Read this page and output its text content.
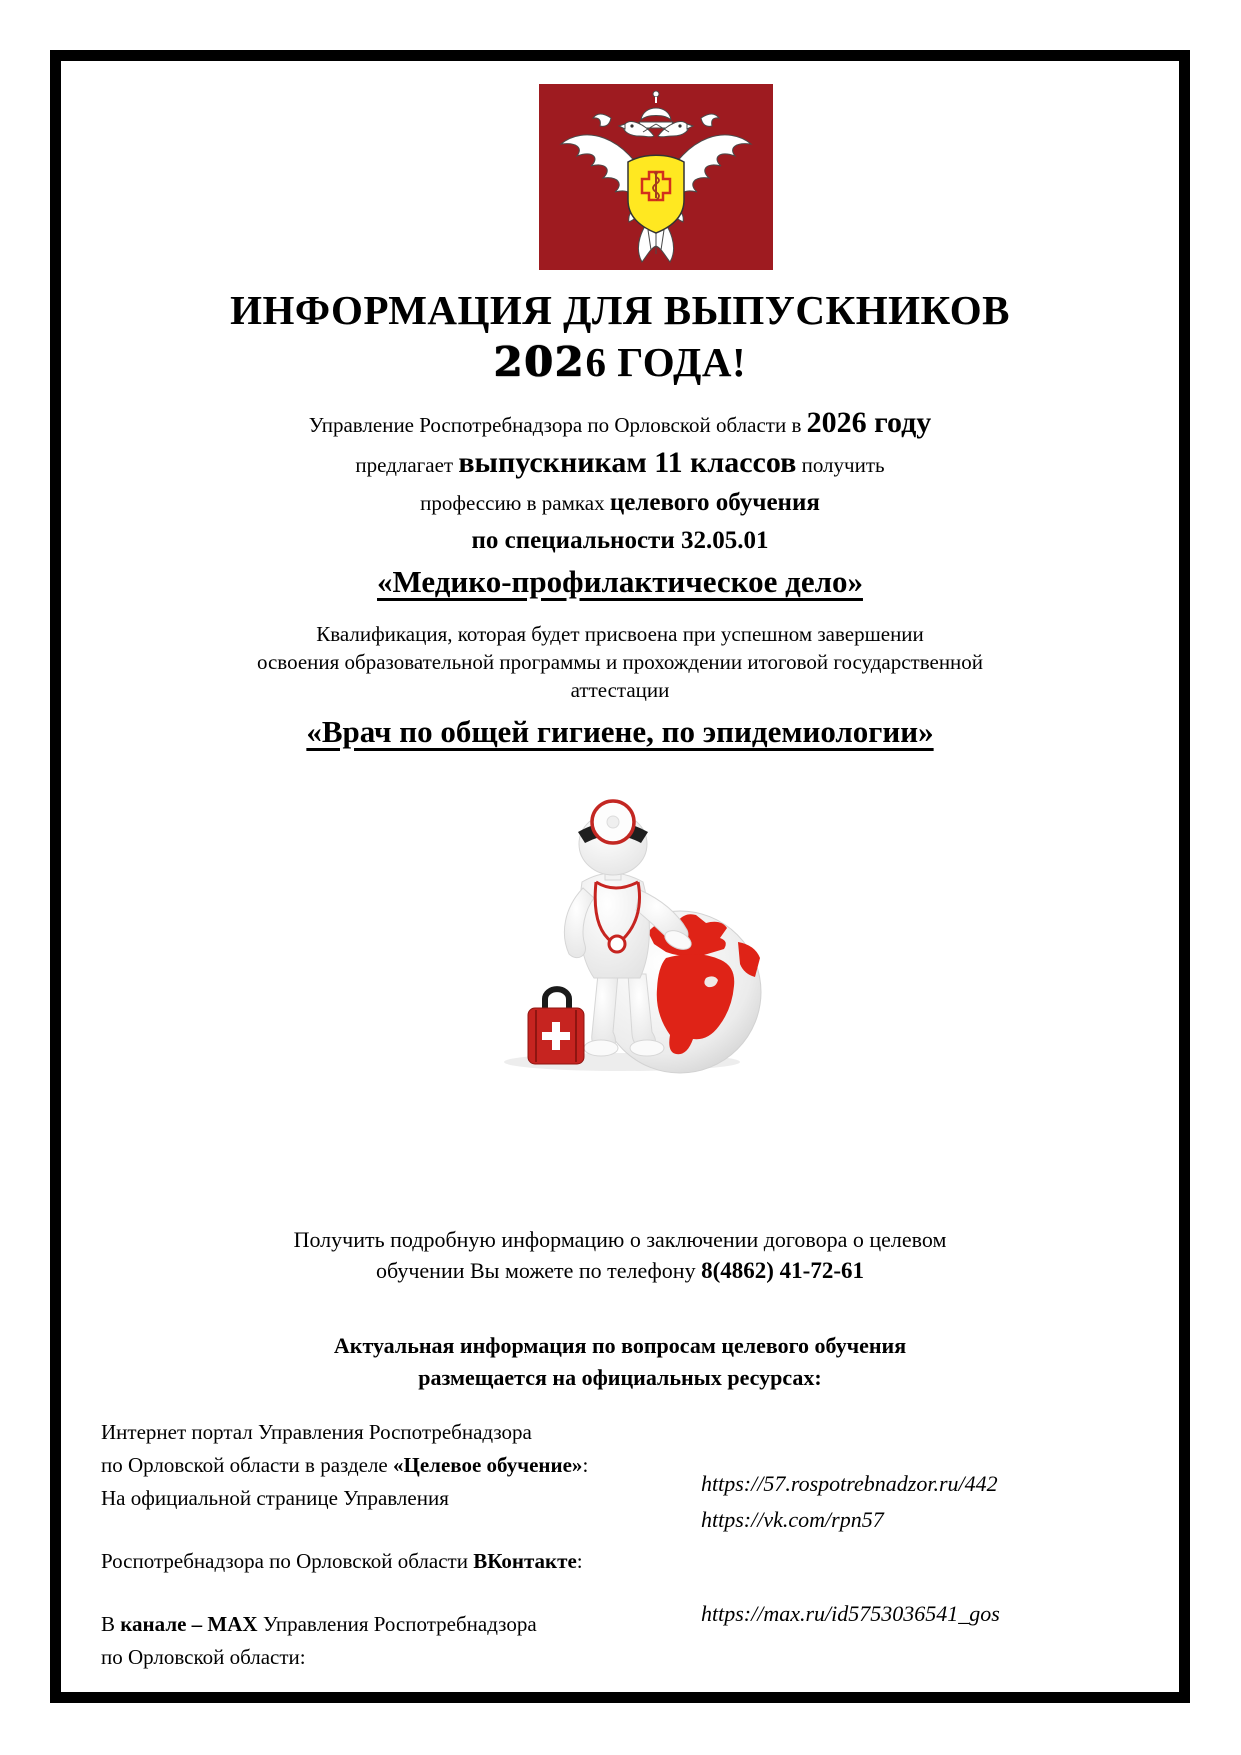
ИНФОРМАЦИЯ ДЛЯ ВЫПУСКНИКОВ
2026 ГОДА!
Управление Роспотребнадзора по Орловской области в 2026 году
предлагает выпускникам 11 классов получить
профессию в рамках целевого обучения
по специальности 32.05.01
«Медико-профилактическое дело»
Квалификация, которая будет присвоена при успешном завершении
освоения образовательной программы и прохождении итоговой государственной
аттестации
«Врач по общей гигиене, по эпидемиологии»
Получить подробную информацию о заключении договора о целевом
обучении Вы можете по телефону 8(4862) 41-72-61
Актуальная информация по вопросам целевого обучения
размещается на официальных ресурсах:
Интернет портал Управления Роспотребнадзора
по Орловской области в разделе «Целевое обучение»:
На официальной странице Управления
Роспотребнадзора по Орловской области ВКонтакте:
В канале – MAX Управления Роспотребнадзора
по Орловской области:
https://57.rospotrebnadzor.ru/442
https://vk.com/rpn57
https://max.ru/id5753036541_gos
